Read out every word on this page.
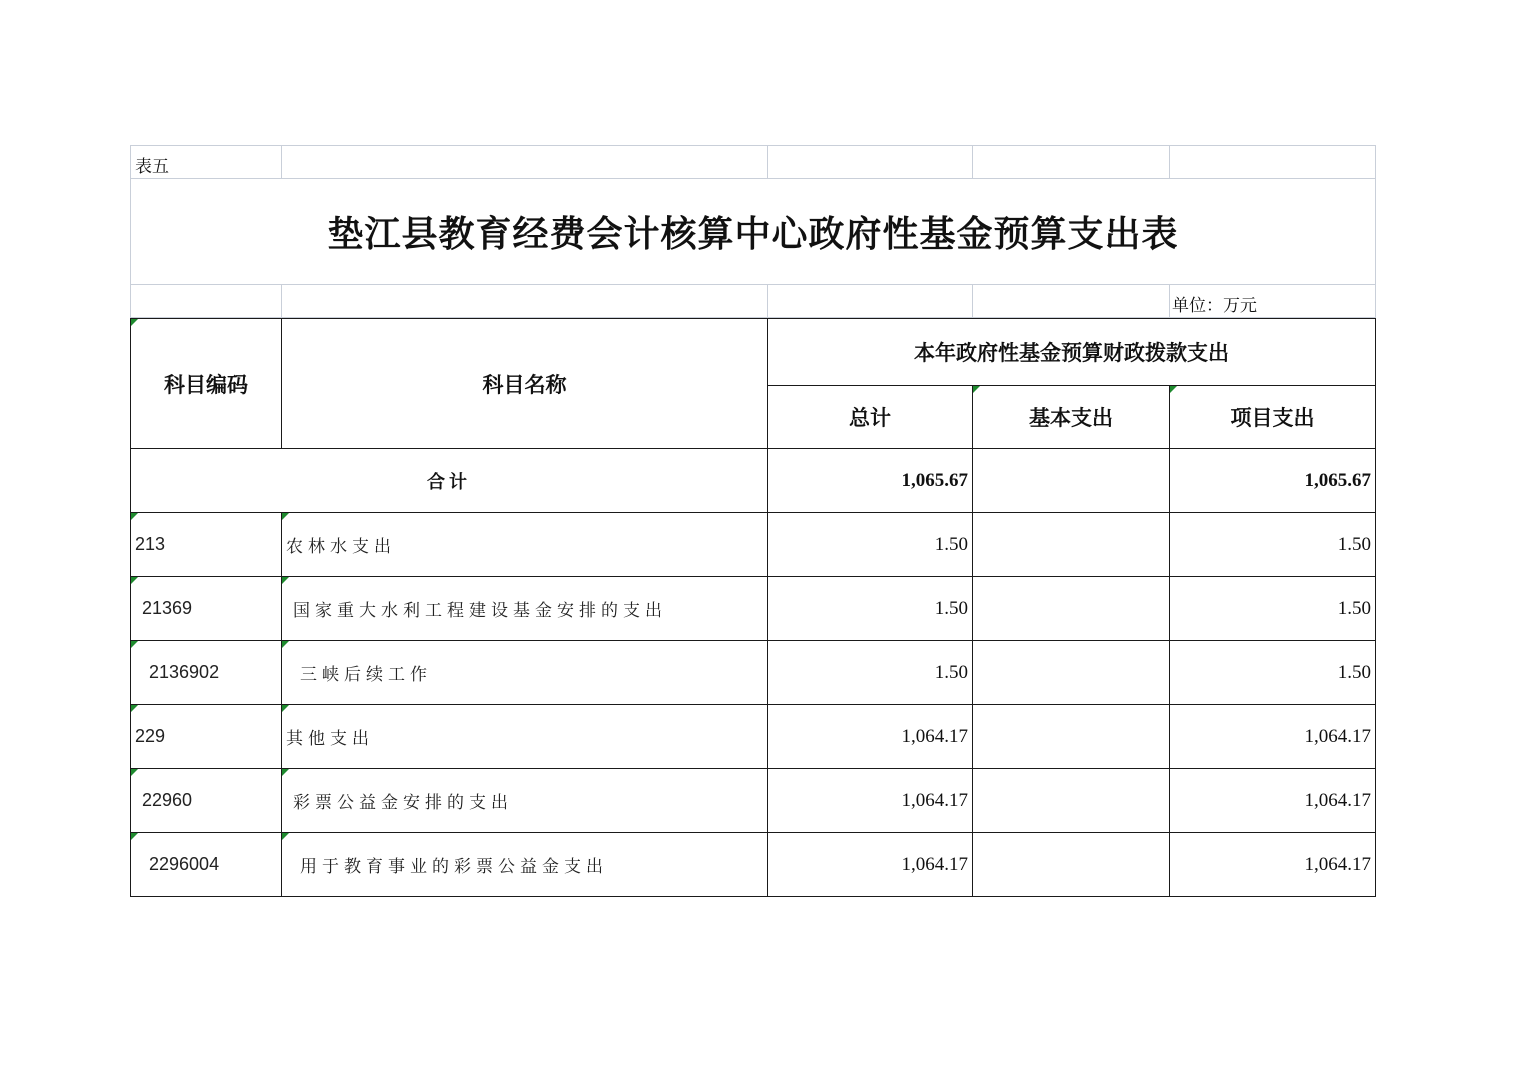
表五				

垫江县教育经费会计核算中心政府性基金预算支出表				

				单位：万元
科目编码	科目名称	本年政府性基金预算财政拨款支出		
		总计	基本支出	项目支出
合计		1,065.67		1,065.67
213	农林水支出	1.50		1.50
21369	国家重大水利工程建设基金安排的支出	1.50		1.50
2136902	三峡后续工作	1.50		1.50
229	其他支出	1,064.17		1,064.17
22960	彩票公益金安排的支出	1,064.17		1,064.17
2296004	用于教育事业的彩票公益金支出	1,064.17		1,064.17
